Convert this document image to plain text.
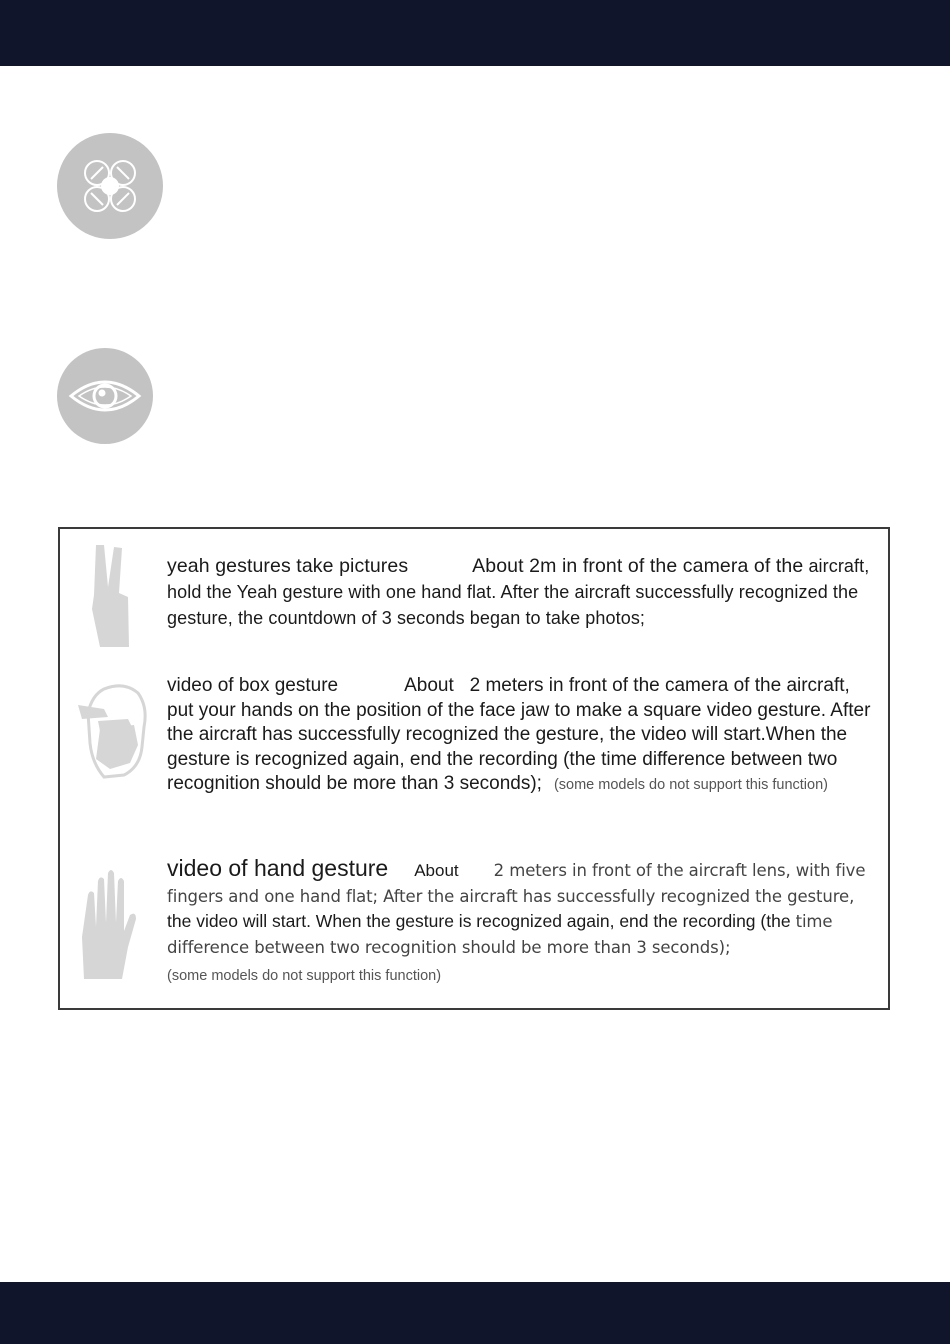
yeah gestures take pictures	About 2m in front of the camera of the aircraft, hold the Yeah gesture with one hand flat. After the aircraft successfully recognized the gesture, the countdown of 3 seconds began to take photos;

video of box gesture	About   2 meters in front of the camera of the aircraft, put your hands on the position of the face jaw to make a square video gesture. After the aircraft has successfully recognized the gesture, the video will start.When the gesture is recognized again, end the recording (the time difference between two recognition should be more than 3 seconds); (some models do not support this function)

video of hand gesture About 2 meters in front of the aircraft lens, with five fingers and one hand flat; After the aircraft has successfully recognized the gesture, the video will start. When the gesture is recognized again, end the recording (the time difference between two recognition should be more than 3 seconds);
(some models do not support this function)
